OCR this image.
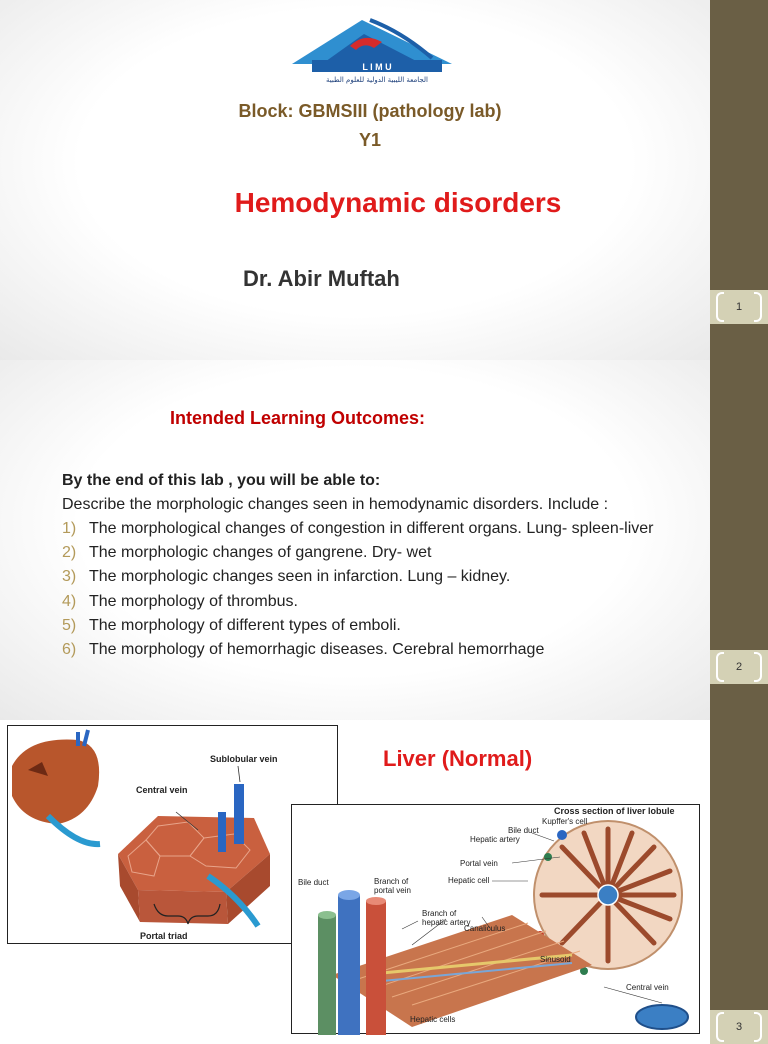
1
L I M U
الجامعة الليبية الدولية للعلوم الطبية
Block: GBMSIII (pathology lab)
Y1
Hemodynamic disorders
Dr. Abir Muftah
2
Intended Learning Outcomes:
By the end of this lab , you will be able to:
Describe the morphologic changes seen in hemodynamic disorders. Include :
1) The morphological changes of congestion in different organs. Lung- spleen-liver
2) The morphologic changes of gangrene. Dry- wet
3) The morphologic changes seen in infarction. Lung – kidney.
4) The morphology of thrombus.
5) The morphology of different types of emboli.
6) The morphology of hemorrhagic diseases. Cerebral hemorrhage
3
Liver (Normal)
Sublobular vein
Central vein
Portal triad
Cross section of liver lobule
Kupffer's cell
Bile duct
Hepatic artery
Portal vein
Bile duct	Branch of
portal vein
Hepatic cell
Branch of
hepatic artery
Canaliculus
Sinusoid
Central vein
Hepatic cells
